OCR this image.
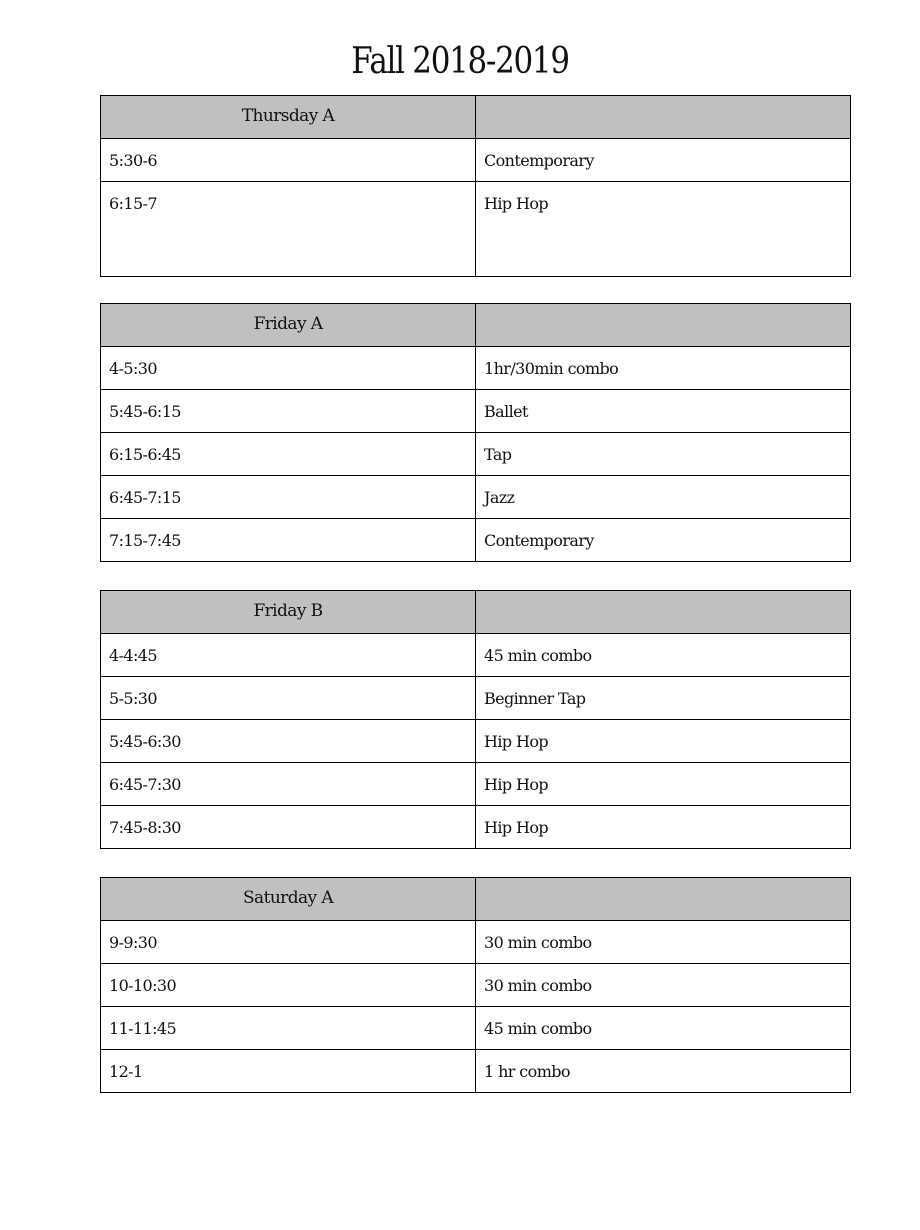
Fall 2018-2019
Thursday A	
5:30-6	Contemporary
6:15-7	Hip Hop
Friday A	
4-5:30	1hr/30min combo
5:45-6:15	Ballet
6:15-6:45	Tap
6:45-7:15	Jazz
7:15-7:45	Contemporary
Friday B	
4-4:45	45 min combo
5-5:30	Beginner Tap
5:45-6:30	Hip Hop
6:45-7:30	Hip Hop
7:45-8:30	Hip Hop
Saturday A	
9-9:30	30 min combo
10-10:30	30 min combo
11-11:45	45 min combo
12-1	1 hr combo
